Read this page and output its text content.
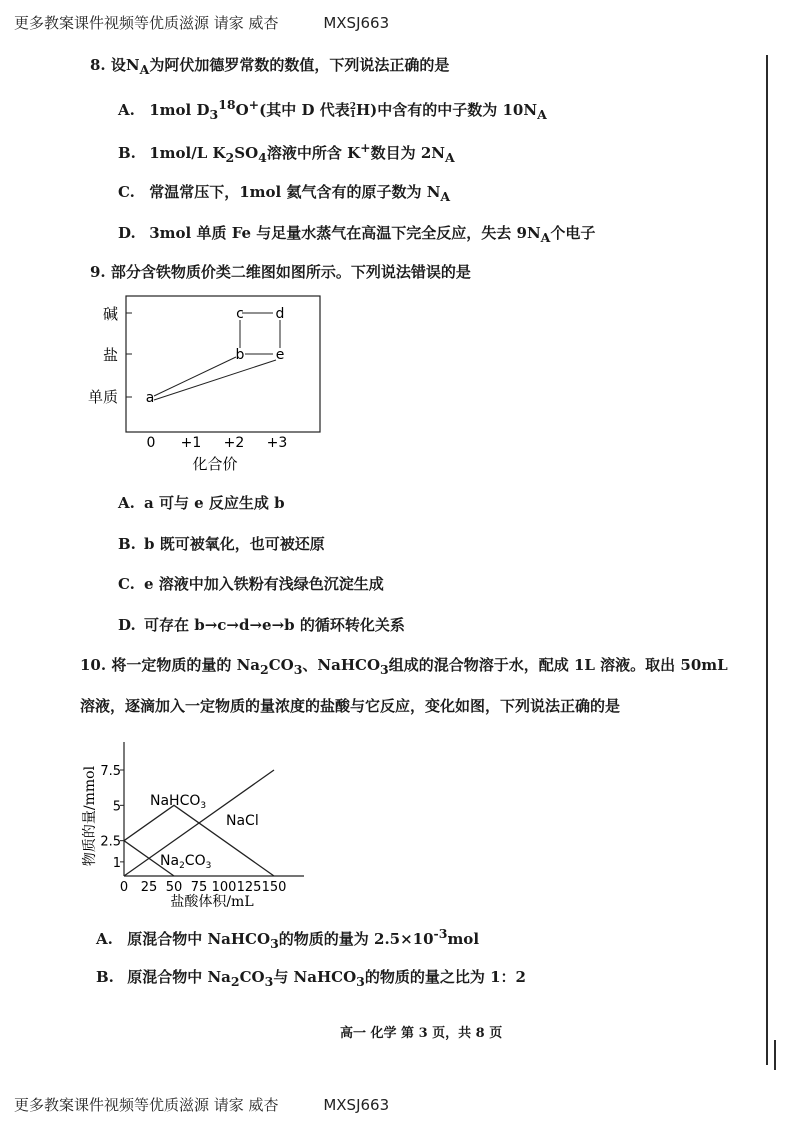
更多教案课件视频等优质滋源 请家 威杏	MXSJ663
8. 设$N_A$为阿伏加德罗常数的数值，下列说法正确的是
A. 1mol $D_3^{18}O^+$(其中 D 代表 2
1 H)中含有的中子数为 $10N_A$
B. 1mol/L $K_2SO_4$溶液中所含 K+数目为 $2N_A$
C. 常温常压下，1mol 氦气含有的原子数为 $N_A$
D. 3mol 单质 Fe 与足量水蒸气在高温下完全反应，失去 $9N_A$个电子
9. 部分含铁物质价类二维图如图所示。下列说法错误的是
碱
盐
单质
c d
b e
a
0 +1 +2 +3
化合价
A. a 可与 e 反应生成 b
B. b 既可被氧化，也可被还原
C. e 溶液中加入铁粉有浅绿色沉淀生成
D. 可存在 b→c→d→e→b 的循环转化关系
10. 将一定物质的量的 $Na_2CO_3$、NaHCO$_3$组成的混合物溶于水，配成 1L 溶液。取出 50mL
溶液，逐滴加入一定物质的量浓度的盐酸与它反应，变化如图，下列说法正确的是
物质的量/mmol
盐酸体积/mL
0 25 50 75 100 125 150
1
2.5
5
7.5
NaHCO$_3$
NaCl
$Na_2CO_3$
A. 原混合物中 NaHCO$_3$的物质的量为 $2.5\times 10^{-3}mol$
B. 原混合物中 $Na_2CO_3$与 NaHCO$_3$的物质的量之比为 1：2
高一 化学 第 3 页，共 8 页
更多教案课件视频等优质滋源 请家 威杏	MXSJ663
